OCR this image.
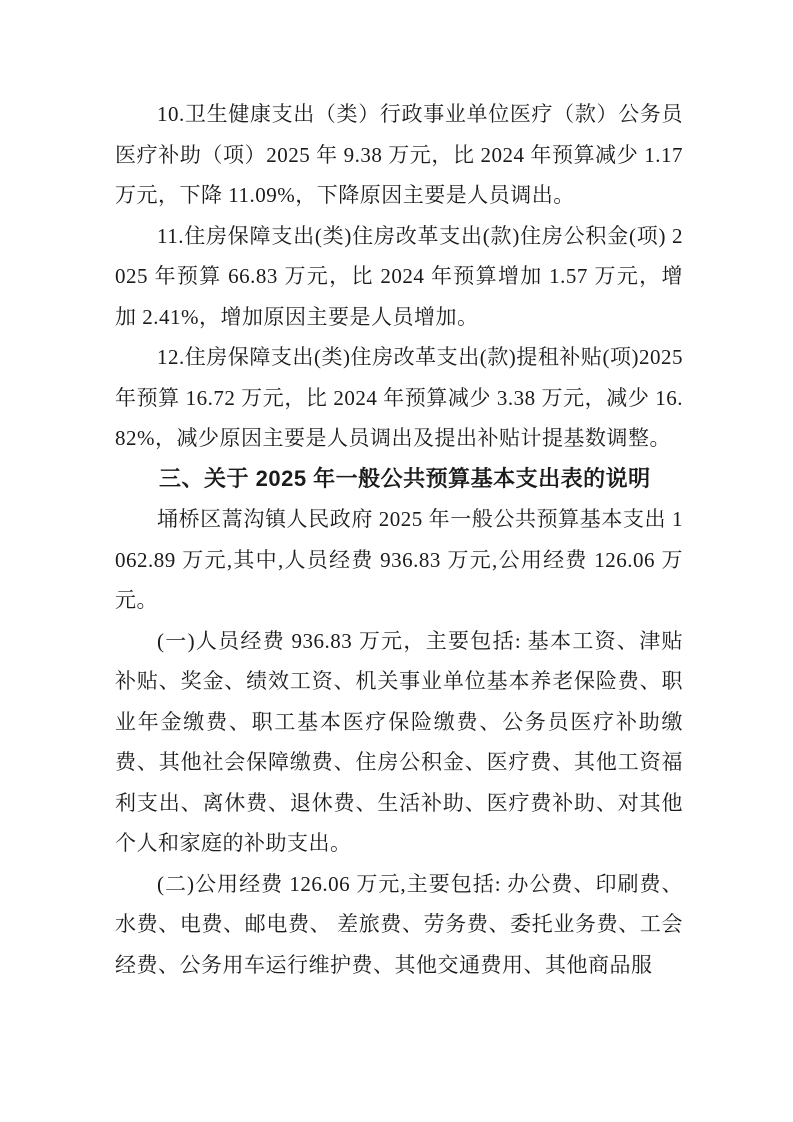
10.卫生健康支出（类）行政事业单位医疗（款）公务员医疗补助（项）2025 年 9.38 万元，比 2024 年预算减少 1.17 万元，下降 11.09%，下降原因主要是人员调出。

11.住房保障支出(类)住房改革支出(款)住房公积金(项) 2025 年预算 66.83 万元，比 2024 年预算增加 1.57 万元，增加 2.41%，增加原因主要是人员增加。

12.住房保障支出(类)住房改革支出(款)提租补贴(项)2025 年预算 16.72 万元，比 2024 年预算减少 3.38 万元，减少 16.82%，减少原因主要是人员调出及提出补贴计提基数调整。

三、关于 2025 年一般公共预算基本支出表的说明

埇桥区蒿沟镇人民政府 2025 年一般公共预算基本支出 1062.89 万元,其中,人员经费 936.83 万元,公用经费 126.06 万元。

(一)人员经费 936.83 万元，主要包括: 基本工资、津贴补贴、奖金、绩效工资、机关事业单位基本养老保险费、职业年金缴费、职工基本医疗保险缴费、公务员医疗补助缴费、其他社会保障缴费、住房公积金、医疗费、其他工资福利支出、离休费、退休费、生活补助、医疗费补助、对其他个人和家庭的补助支出。

(二)公用经费 126.06 万元,主要包括: 办公费、印刷费、水费、电费、邮电费、 差旅费、劳务费、委托业务费、工会经费、公务用车运行维护费、其他交通费用、其他商品服
